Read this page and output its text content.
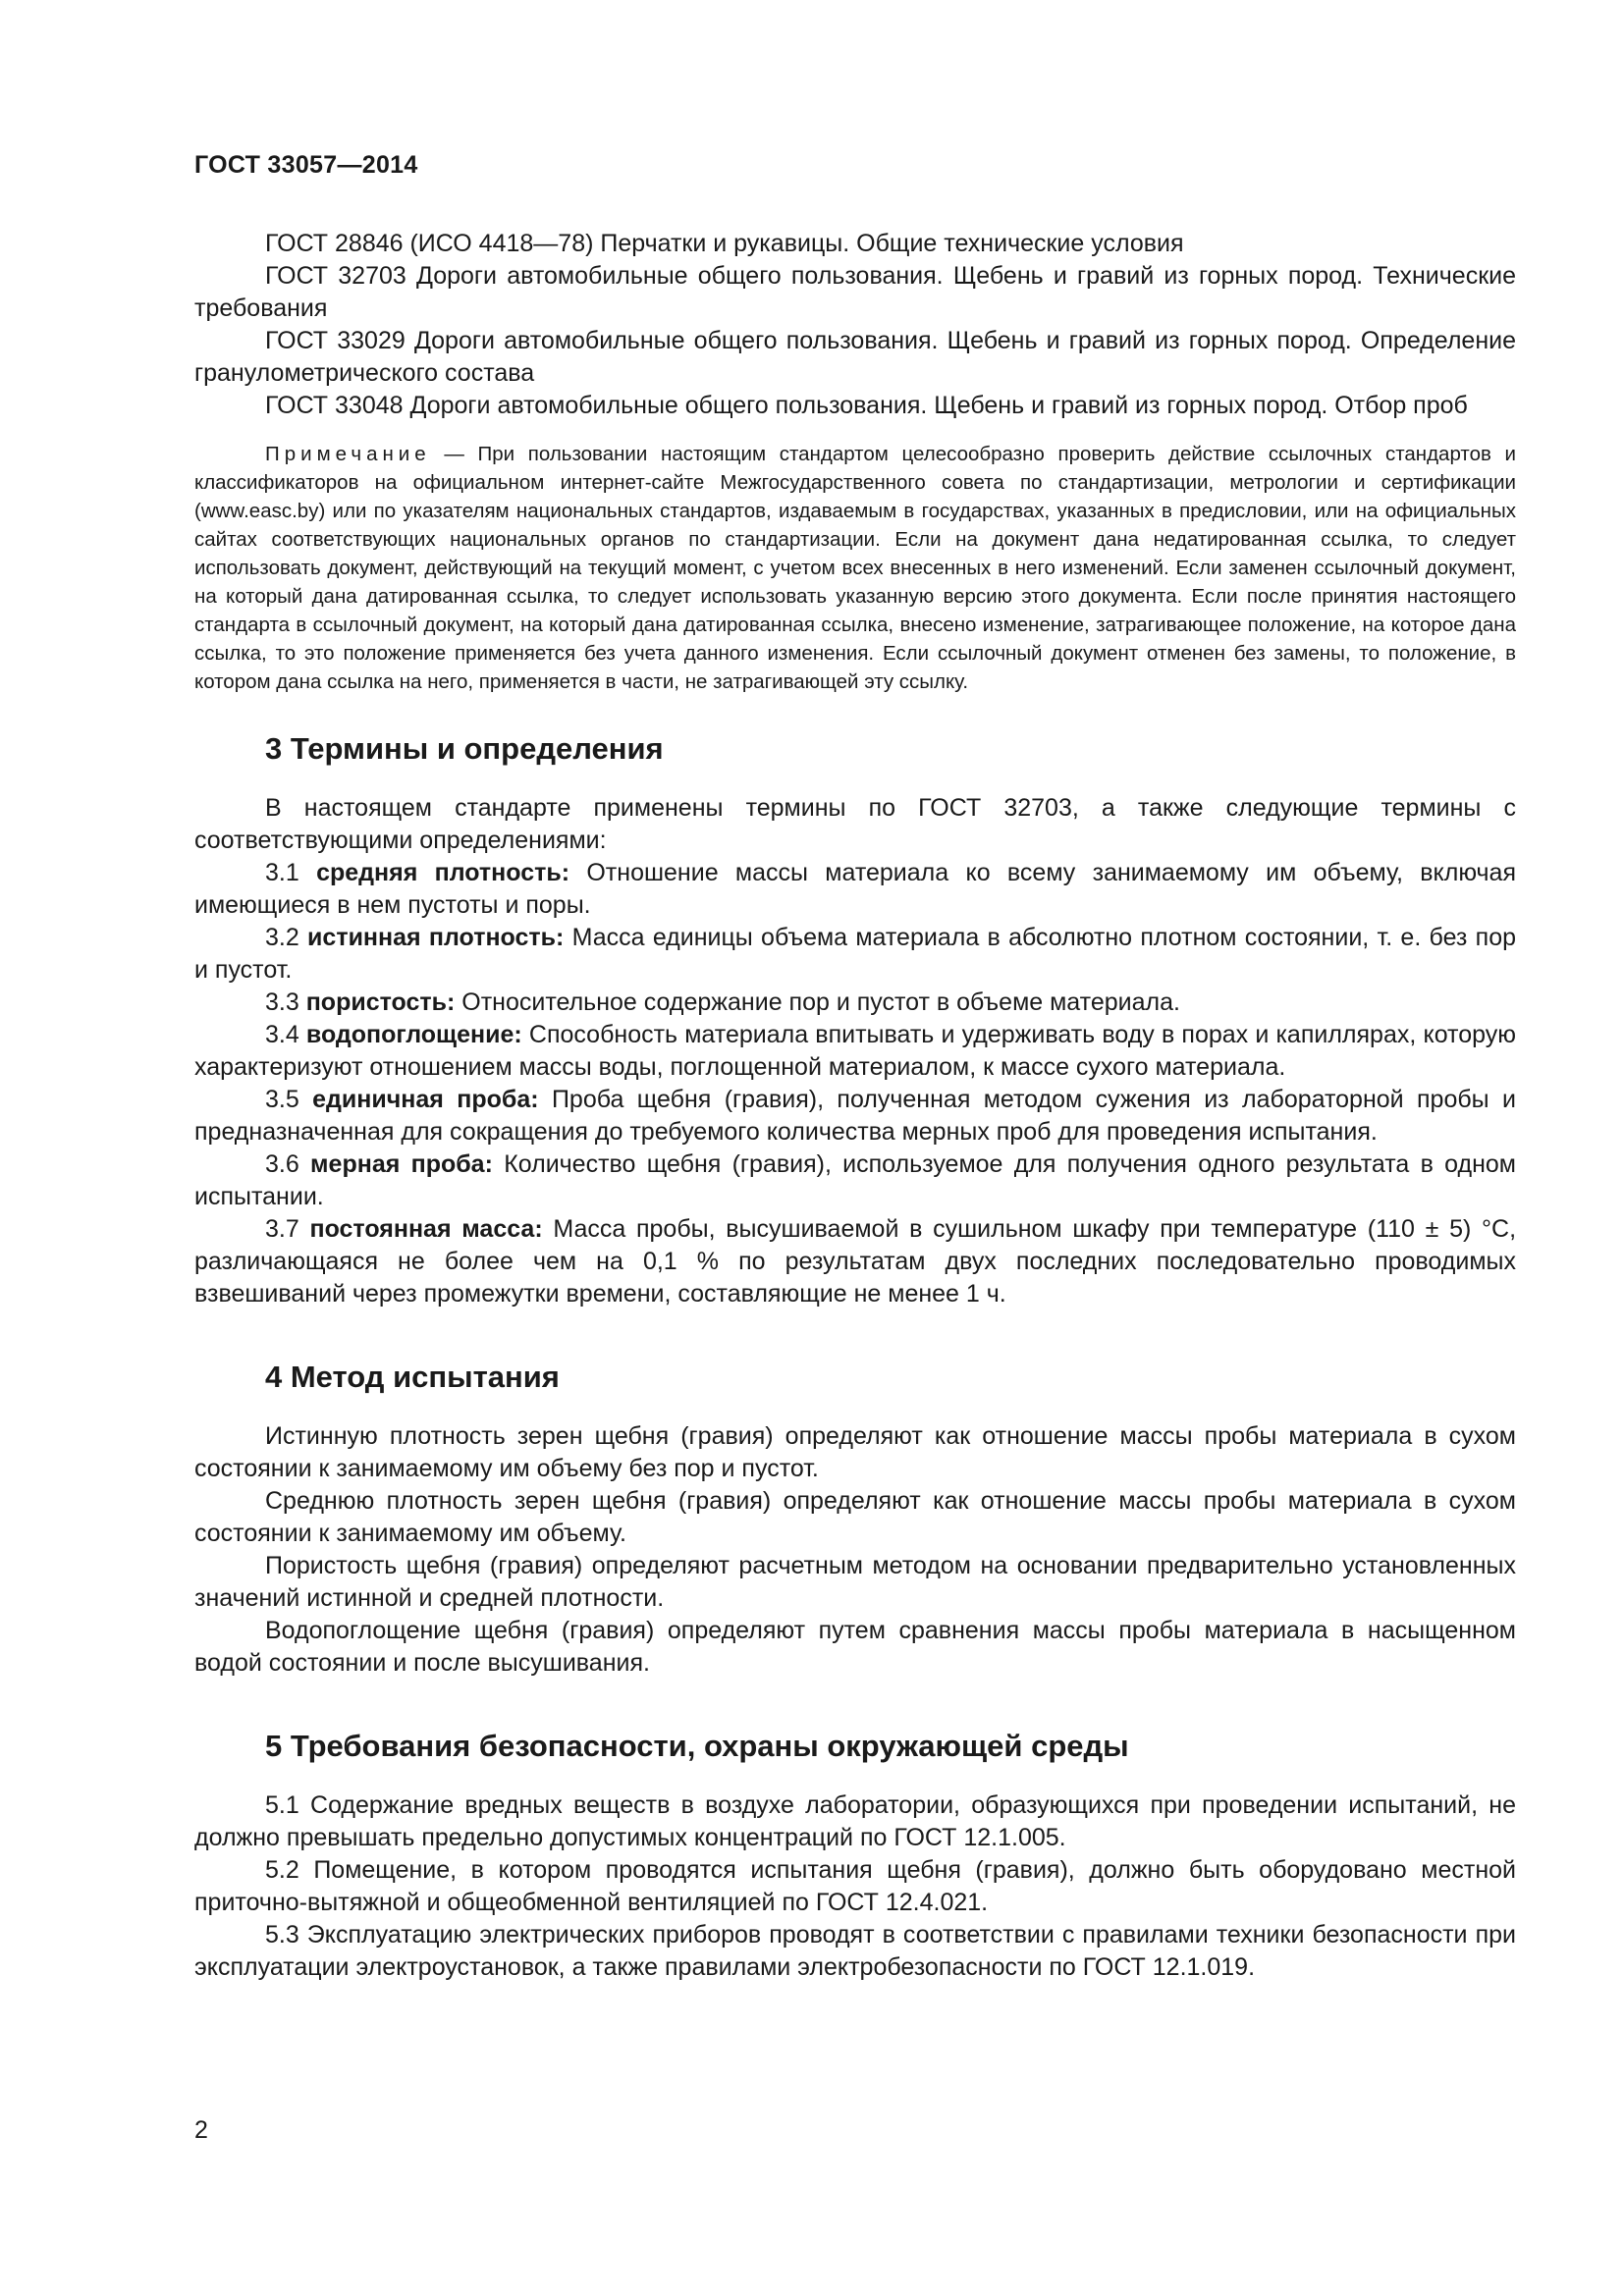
ГОСТ 33057—2014

ГОСТ 28846 (ИСО 4418—78) Перчатки и рукавицы. Общие технические условия

ГОСТ 32703 Дороги автомобильные общего пользования. Щебень и гравий из горных пород. Технические требования

ГОСТ 33029 Дороги автомобильные общего пользования. Щебень и гравий из горных пород. Определение гранулометрического состава

ГОСТ 33048 Дороги автомобильные общего пользования. Щебень и гравий из горных пород. Отбор проб

Примечание — При пользовании настоящим стандартом целесообразно проверить действие ссылочных стандартов и классификаторов на официальном интернет-сайте Межгосударственного совета по стандартизации, метрологии и сертификации (www.easc.by) или по указателям национальных стандартов, издаваемым в государствах, указанных в предисловии, или на официальных сайтах соответствующих национальных органов по стандартизации. Если на документ дана недатированная ссылка, то следует использовать документ, действующий на текущий момент, с учетом всех внесенных в него изменений. Если заменен ссылочный документ, на который дана датированная ссылка, то следует использовать указанную версию этого документа. Если после принятия настоящего стандарта в ссылочный документ, на который дана датированная ссылка, внесено изменение, затрагивающее положение, на которое дана ссылка, то это положение применяется без учета данного изменения. Если ссылочный документ отменен без замены, то положение, в котором дана ссылка на него, применяется в части, не затрагивающей эту ссылку.

3 Термины и определения

В настоящем стандарте применены термины по ГОСТ 32703, а также следующие термины с соответствующими определениями:

3.1 средняя плотность: Отношение массы материала ко всему занимаемому им объему, включая имеющиеся в нем пустоты и поры.

3.2 истинная плотность: Масса единицы объема материала в абсолютно плотном состоянии, т. е. без пор и пустот.

3.3 пористость: Относительное содержание пор и пустот в объеме материала.

3.4 водопоглощение: Способность материала впитывать и удерживать воду в порах и капиллярах, которую характеризуют отношением массы воды, поглощенной материалом, к массе сухого материала.

3.5 единичная проба: Проба щебня (гравия), полученная методом сужения из лабораторной пробы и предназначенная для сокращения до требуемого количества мерных проб для проведения испытания.

3.6 мерная проба: Количество щебня (гравия), используемое для получения одного результата в одном испытании.

3.7 постоянная масса: Масса пробы, высушиваемой в сушильном шкафу при температуре (110 ± 5) °С, различающаяся не более чем на 0,1 % по результатам двух последних последовательно проводимых взвешиваний через промежутки времени, составляющие не менее 1 ч.

4 Метод испытания

Истинную плотность зерен щебня (гравия) определяют как отношение массы пробы материала в сухом состоянии к занимаемому им объему без пор и пустот.

Среднюю плотность зерен щебня (гравия) определяют как отношение массы пробы материала в сухом состоянии к занимаемому им объему.

Пористость щебня (гравия) определяют расчетным методом на основании предварительно установленных значений истинной и средней плотности.

Водопоглощение щебня (гравия) определяют путем сравнения массы пробы материала в насыщенном водой состоянии и после высушивания.

5 Требования безопасности, охраны окружающей среды

5.1 Содержание вредных веществ в воздухе лаборатории, образующихся при проведении испытаний, не должно превышать предельно допустимых концентраций по ГОСТ 12.1.005.

5.2 Помещение, в котором проводятся испытания щебня (гравия), должно быть оборудовано местной приточно-вытяжной и общеобменной вентиляцией по ГОСТ 12.4.021.

5.3 Эксплуатацию электрических приборов проводят в соответствии с правилами техники безопасности при эксплуатации электроустановок, а также правилами электробезопасности по ГОСТ 12.1.019.

2
